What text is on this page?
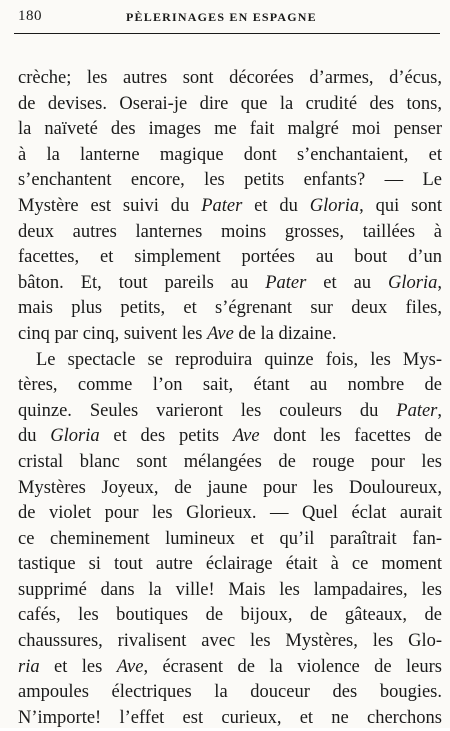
180	PÈLERINAGES EN ESPAGNE
crèche; les autres sont décorées d’armes, d’écus,
de devises. Oserai-je dire que la crudité des tons,
la naïveté des images me fait malgré moi penser
à la lanterne magique dont s’enchantaient, et
s’enchantent encore, les petits enfants? — Le
Mystère est suivi du Pater et du Gloria, qui sont
deux autres lanternes moins grosses, taillées à
facettes, et simplement portées au bout d’un
bâton. Et, tout pareils au Pater et au Gloria,
mais plus petits, et s’égrenant sur deux files,
cinq par cinq, suivent les Ave de la dizaine.
Le spectacle se reproduira quinze fois, les Mys-
tères, comme l’on sait, étant au nombre de
quinze. Seules varieront les couleurs du Pater,
du Gloria et des petits Ave dont les facettes de
cristal blanc sont mélangées de rouge pour les
Mystères Joyeux, de jaune pour les Douloureux,
de violet pour les Glorieux. — Quel éclat aurait
ce cheminement lumineux et qu’il paraîtrait fan-
tastique si tout autre éclairage était à ce moment
supprimé dans la ville! Mais les lampadaires, les
cafés, les boutiques de bijoux, de gâteaux, de
chaussures, rivalisent avec les Mystères, les Glo-
ria et les Ave, écrasent de la violence de leurs
ampoules électriques la douceur des bougies.
N’importe! l’effet est curieux, et ne cherchons
